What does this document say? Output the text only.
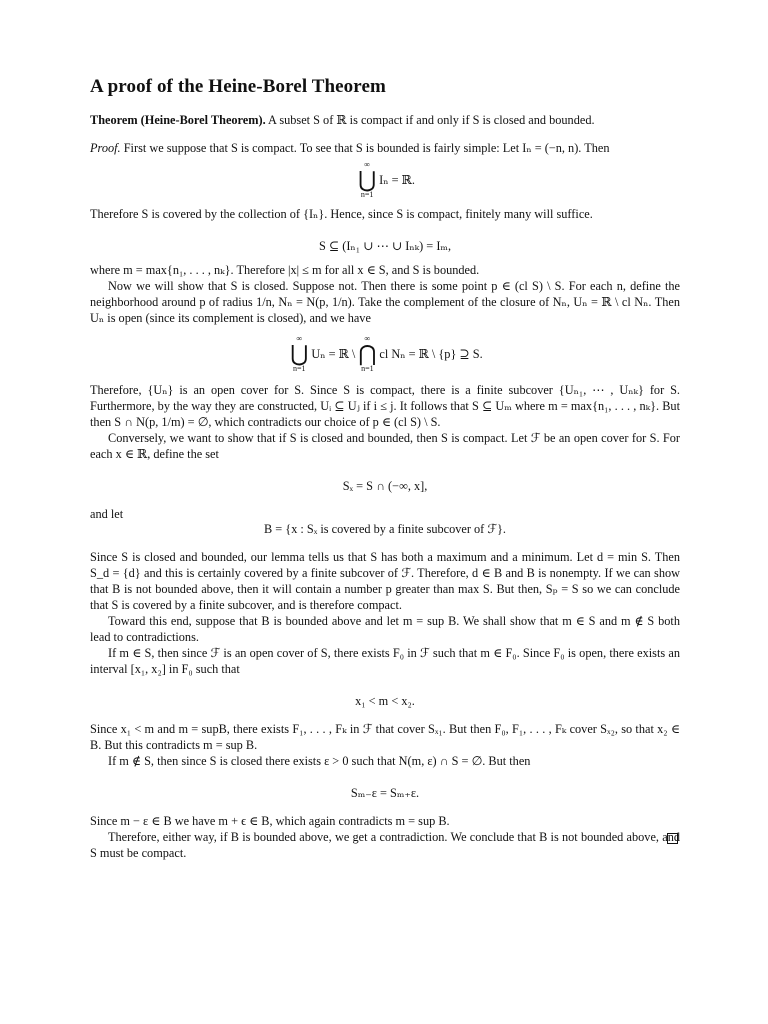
A proof of the Heine-Borel Theorem

Theorem (Heine-Borel Theorem). A subset S of ℝ is compact if and only if S is closed and bounded.

Proof. First we suppose that S is compact. To see that S is bounded is fairly simple: Let Iₙ = (−n, n). Then

∞
⋃
n=1
Iₙ = ℝ.

Therefore S is covered by the collection of {Iₙ}. Hence, since S is compact, finitely many will suffice.

S ⊆ (Iₙ₁ ∪ ⋯ ∪ Iₙₖ) = Iₘ,

where m = max{n₁, . . . , nₖ}. Therefore |x| ≤ m for all x ∈ S, and S is bounded.

Now we will show that S is closed. Suppose not. Then there is some point p ∈ (cl S) \ S. For each n, define the neighborhood around p of radius 1/n, Nₙ = N(p, 1/n). Take the complement of the closure of Nₙ, Uₙ = ℝ \ cl Nₙ. Then Uₙ is open (since its complement is closed), and we have

∞
⋃
n=1
Uₙ = ℝ \
∞
⋂
n=1
cl Nₙ = ℝ \ {p} ⊇ S.

Therefore, {Uₙ} is an open cover for S. Since S is compact, there is a finite subcover {Uₙ₁, ⋯ , Uₙₖ} for S. Furthermore, by the way they are constructed, Uᵢ ⊆ Uⱼ if i ≤ j. It follows that S ⊆ Uₘ where m = max{n₁, . . . , nₖ}. But then S ∩ N(p, 1/m) = ∅, which contradicts our choice of p ∈ (cl S) \ S.

Conversely, we want to show that if S is closed and bounded, then S is compact. Let ℱ be an open cover for S. For each x ∈ ℝ, define the set

Sₓ = S ∩ (−∞, x],

and let

B = {x : Sₓ is covered by a finite subcover of ℱ}.

Since S is closed and bounded, our lemma tells us that S has both a maximum and a minimum. Let d = min S. Then S_d = {d} and this is certainly covered by a finite subcover of ℱ. Therefore, d ∈ B and B is nonempty. If we can show that B is not bounded above, then it will contain a number p greater than max S. But then, Sₚ = S so we can conclude that S is covered by a finite subcover, and is therefore compact.

Toward this end, suppose that B is bounded above and let m = sup B. We shall show that m ∈ S and m ∉ S both lead to contradictions.

If m ∈ S, then since ℱ is an open cover of S, there exists F₀ in ℱ such that m ∈ F₀. Since F₀ is open, there exists an interval [x₁, x₂] in F₀ such that

x₁ < m < x₂.

Since x₁ < m and m = supB, there exists F₁, . . . , Fₖ in ℱ that cover Sₓ₁. But then F₀, F₁, . . . , Fₖ cover Sₓ₂, so that x₂ ∈ B. But this contradicts m = sup B.

If m ∉ S, then since S is closed there exists ε > 0 such that N(m, ε) ∩ S = ∅. But then

Sₘ₋ε = Sₘ₊ε.

Since m − ε ∈ B we have m + ϵ ∈ B, which again contradicts m = sup B.

Therefore, either way, if B is bounded above, we get a contradiction. We conclude that B is not bounded above, and S must be compact.
